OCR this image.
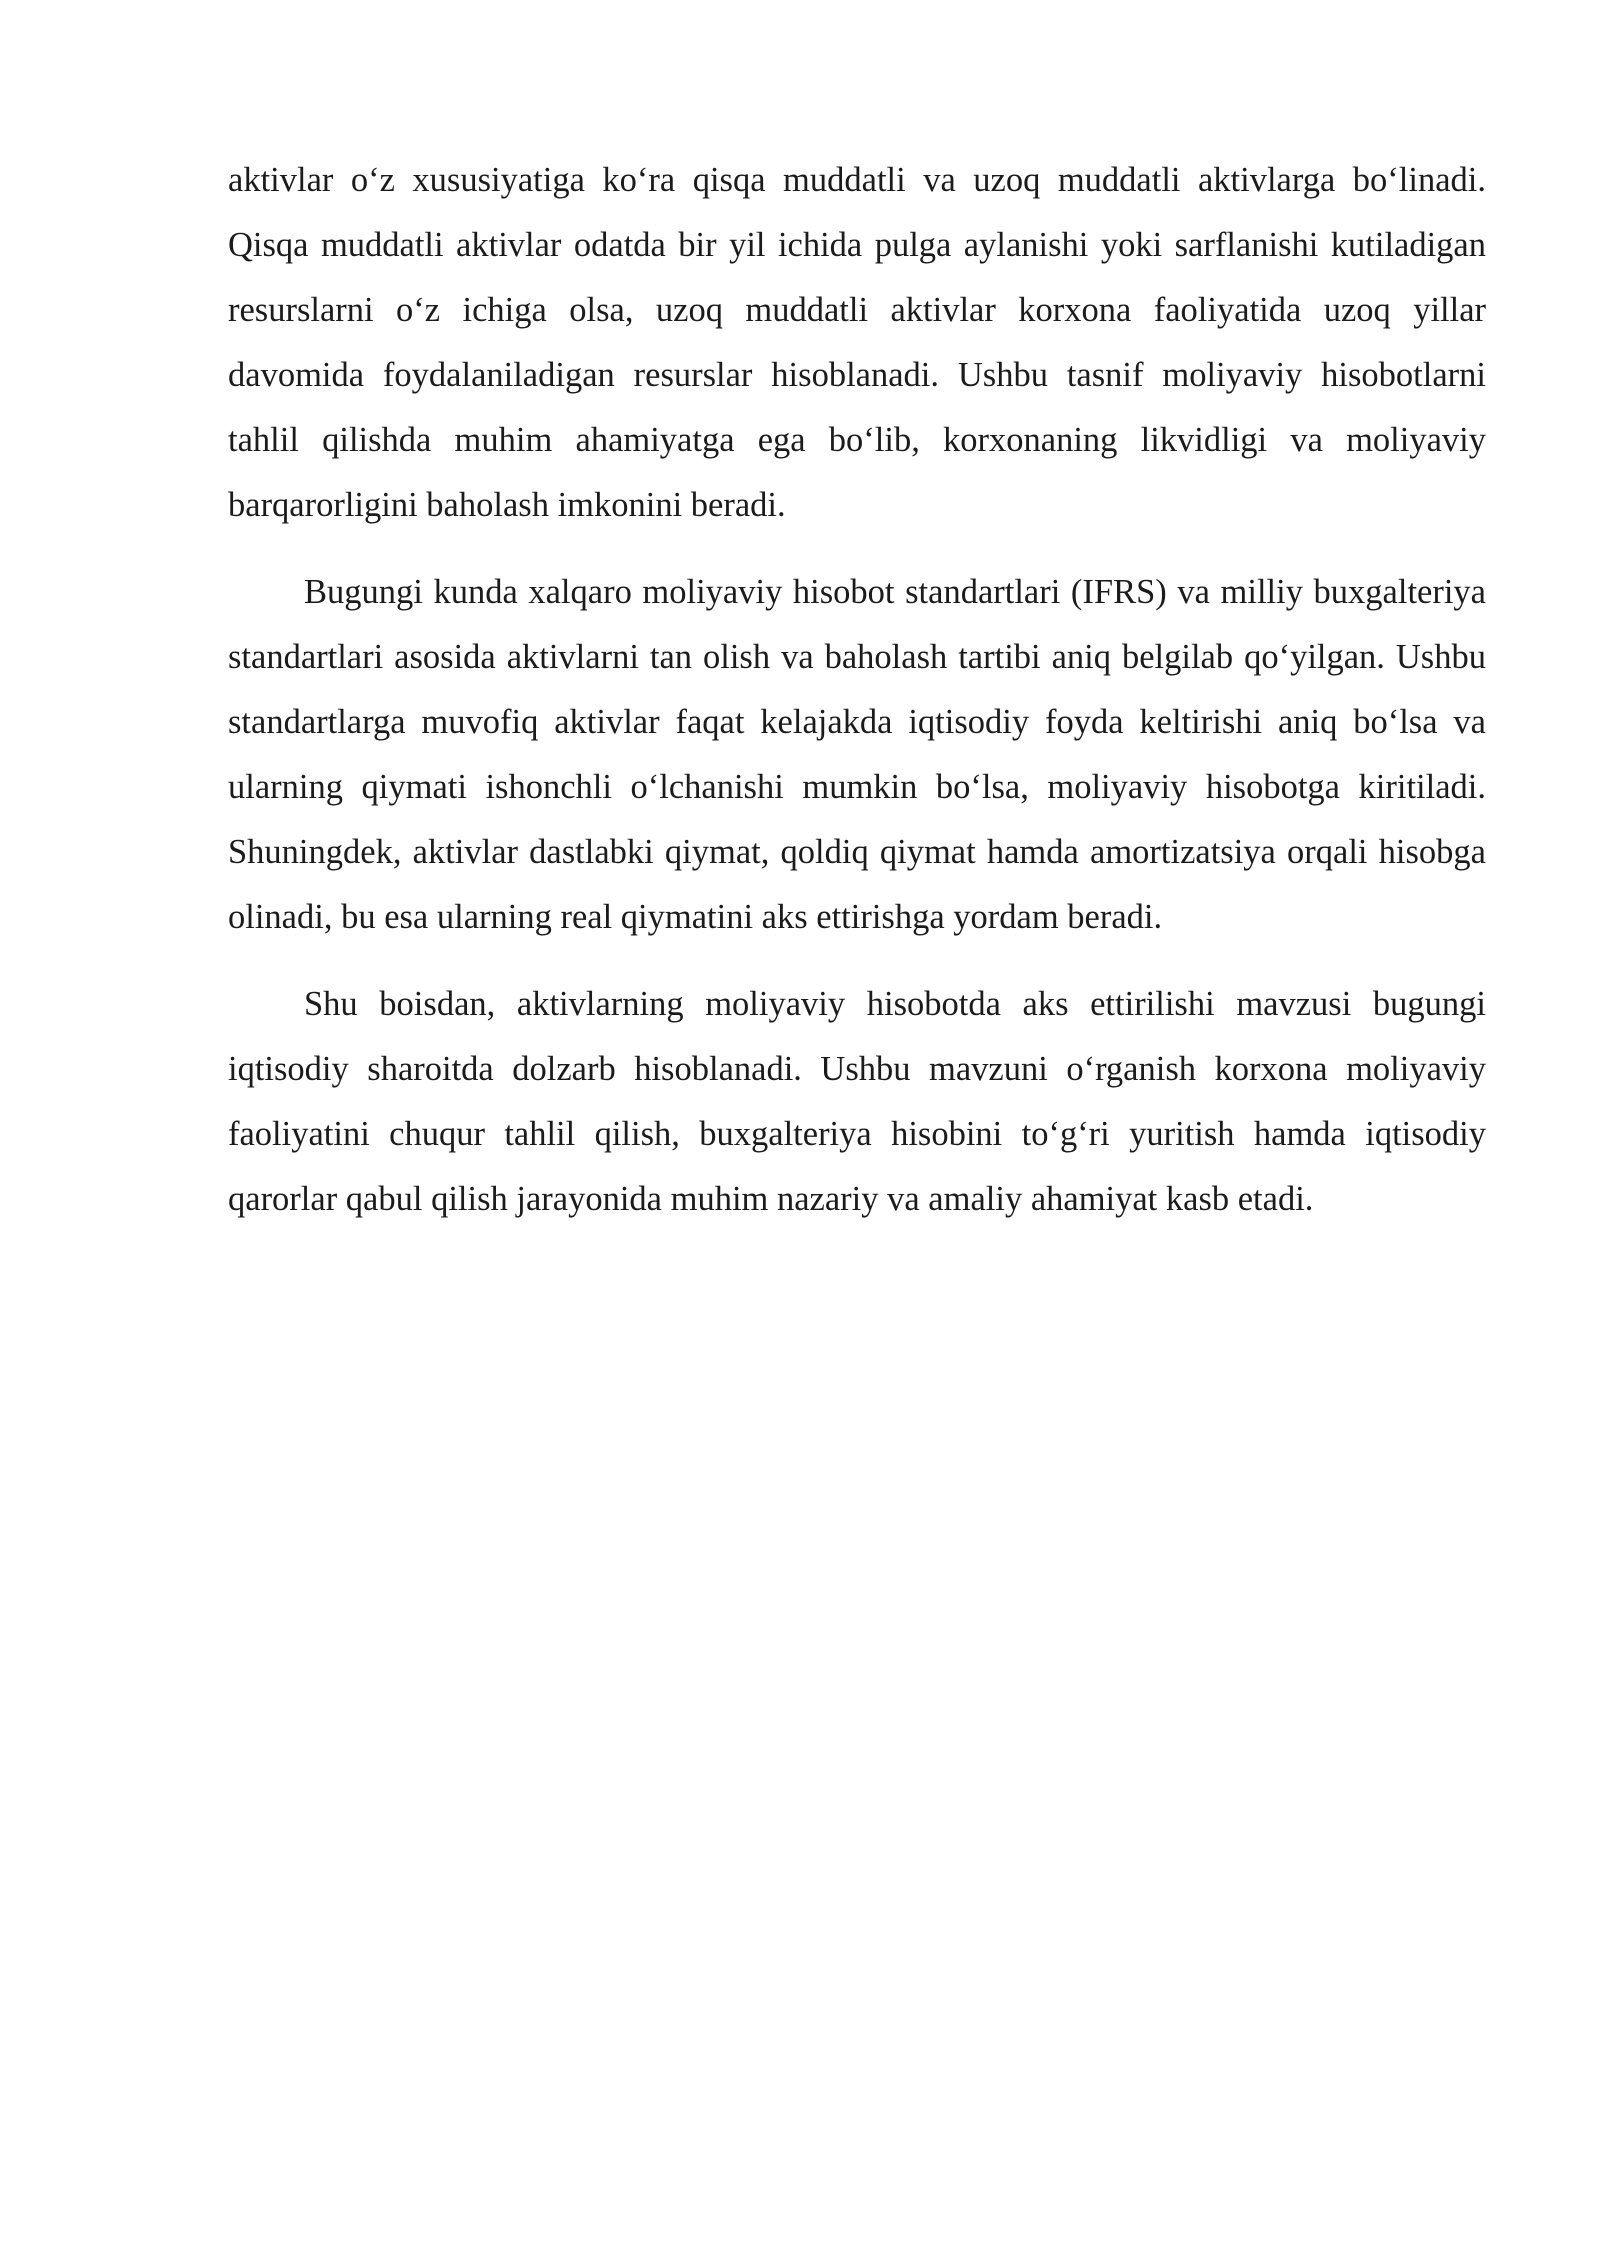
aktivlar o‘z xususiyatiga ko‘ra qisqa muddatli va uzoq muddatli aktivlarga bo‘linadi. Qisqa muddatli aktivlar odatda bir yil ichida pulga aylanishi yoki sarflanishi kutiladigan resurslarni o‘z ichiga olsa, uzoq muddatli aktivlar korxona faoliyatida uzoq yillar davomida foydalaniladigan resurslar hisoblanadi. Ushbu tasnif moliyaviy hisobotlarni tahlil qilishda muhim ahamiyatga ega bo‘lib, korxonaning likvidligi va moliyaviy barqarorligini baholash imkonini beradi.

Bugungi kunda xalqaro moliyaviy hisobot standartlari (IFRS) va milliy buxgalteriya standartlari asosida aktivlarni tan olish va baholash tartibi aniq belgilab qo‘yilgan. Ushbu standartlarga muvofiq aktivlar faqat kelajakda iqtisodiy foyda keltirishi aniq bo‘lsa va ularning qiymati ishonchli o‘lchanishi mumkin bo‘lsa, moliyaviy hisobotga kiritiladi. Shuningdek, aktivlar dastlabki qiymat, qoldiq qiymat hamda amortizatsiya orqali hisobga olinadi, bu esa ularning real qiymatini aks ettirishga yordam beradi.

Shu boisdan, aktivlarning moliyaviy hisobotda aks ettirilishi mavzusi bugungi iqtisodiy sharoitda dolzarb hisoblanadi. Ushbu mavzuni o‘rganish korxona moliyaviy faoliyatini chuqur tahlil qilish, buxgalteriya hisobini to‘g‘ri yuritish hamda iqtisodiy qarorlar qabul qilish jarayonida muhim nazariy va amaliy ahamiyat kasb etadi.
